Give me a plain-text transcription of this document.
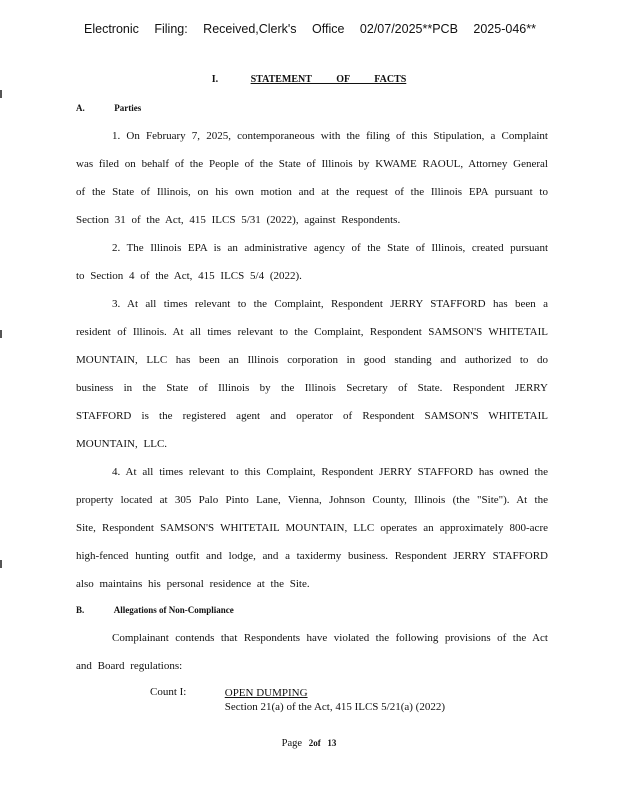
Electronic Filing: Received,Clerk's Office 02/07/2025**PCB 2025-046**
I.	STATEMENT OF FACTS
A.	Parties

1. On February 7, 2025, contemporaneous with the filing of this Stipulation, a Complaint was filed on behalf of the People of the State of Illinois by KWAME RAOUL, Attorney General of the State of Illinois, on his own motion and at the request of the Illinois EPA pursuant to Section 31 of the Act, 415 ILCS 5/31 (2022), against Respondents.

2. The Illinois EPA is an administrative agency of the State of Illinois, created pursuant to Section 4 of the Act, 415 ILCS 5/4 (2022).

3. At all times relevant to the Complaint, Respondent JERRY STAFFORD has been a resident of Illinois. At all times relevant to the Complaint, Respondent SAMSON'S WHITETAIL MOUNTAIN, LLC has been an Illinois corporation in good standing and authorized to do business in the State of Illinois by the Illinois Secretary of State. Respondent JERRY STAFFORD is the registered agent and operator of Respondent SAMSON'S WHITETAIL MOUNTAIN, LLC.

4. At all times relevant to this Complaint, Respondent JERRY STAFFORD has owned the property located at 305 Palo Pinto Lane, Vienna, Johnson County, Illinois (the "Site"). At the Site, Respondent SAMSON'S WHITETAIL MOUNTAIN, LLC operates an approximately 800-acre high-fenced hunting outfit and lodge, and a taxidermy business. Respondent JERRY STAFFORD also maintains his personal residence at the Site.

B.	Allegations of Non-Compliance

Complainant contends that Respondents have violated the following provisions of the Act and Board regulations:

Count I:	OPEN DUMPING
Section 21(a) of the Act, 415 ILCS 5/21(a) (2022)
Page 2of 13
